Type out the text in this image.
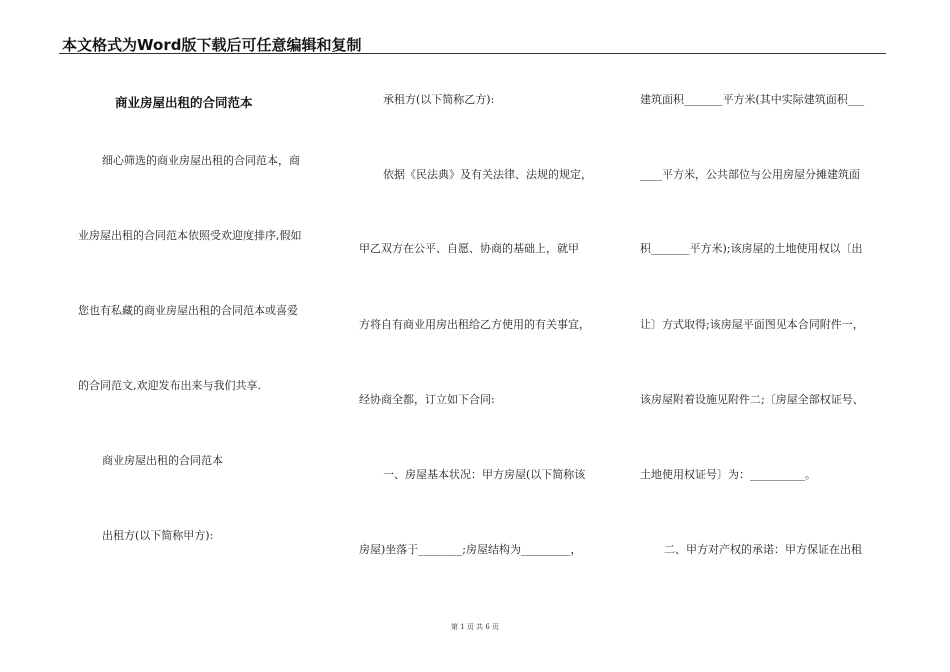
本文格式为Word版下载后可任意编辑和复制
商业房屋出租的合同范本
细心筛选的商业房屋出租的合同范本，商
业房屋出租的合同范本依照受欢迎度排序,假如
您也有私藏的商业房屋出租的合同范本或喜爱
的合同范文,欢迎发布出来与我们共享.
商业房屋出租的合同范本
出租方(以下简称甲方):
承租方(以下简称乙方):
依据《民法典》及有关法律、法规的规定，
甲乙双方在公平、自愿、协商的基础上，就甲
方将自有商业用房出租给乙方使用的有关事宜，
经协商全都，订立如下合同:
一、房屋基本状况：甲方房屋(以下简称该
房屋)坐落于________;房屋结构为_________，
建筑面积_______平方米(其中实际建筑面积___
____平方米，公共部位与公用房屋分摊建筑面
积_______平方米);该房屋的土地使用权以〔出
让〕方式取得;该房屋平面图见本合同附件一，
该房屋附着设施见附件二;〔房屋全部权证号、
土地使用权证号〕为：__________。
二、甲方对产权的承诺：甲方保证在出租
第 1 页 共 6 页
